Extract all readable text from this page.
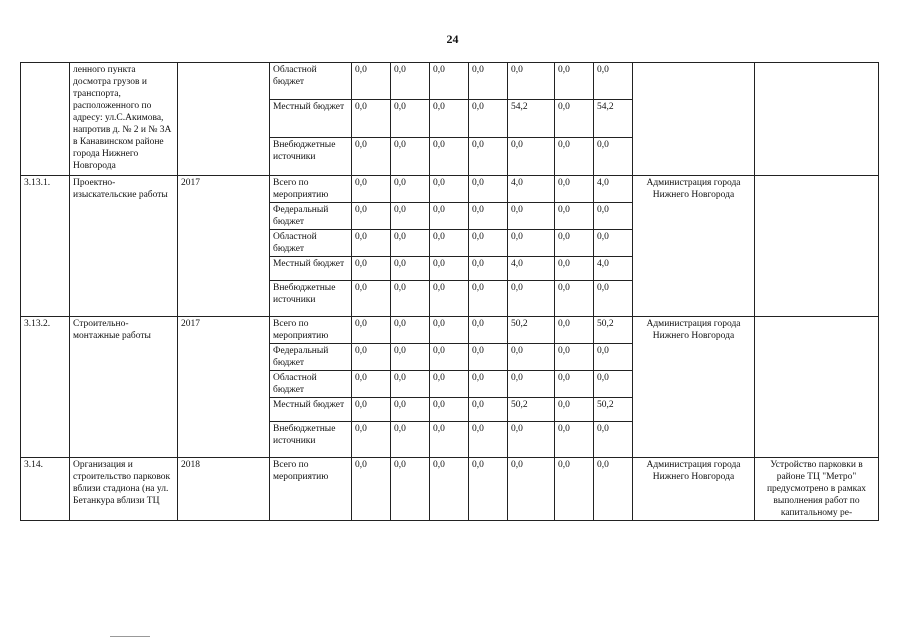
24
	ленного пункта досмотра грузов и транспорта, расположенного по адресу: ул.С.Акимова, напротив д. № 2 и № 3А в Канавинском районе города Нижнего Новгорода		Областной бюджет	0,0	0,0	0,0	0,0	0,0	0,0	0,0		
			Местный бюджет	0,0	0,0	0,0	0,0	54,2	0,0	54,2		
			Внебюджетные источники	0,0	0,0	0,0	0,0	0,0	0,0	0,0		
3.13.1.	Проектно-изыскательские работы	2017	Всего по мероприятию	0,0	0,0	0,0	0,0	4,0	0,0	4,0	Администрация города Нижнего Новгорода	
			Федеральный бюджет	0,0	0,0	0,0	0,0	0,0	0,0	0,0		
			Областной бюджет	0,0	0,0	0,0	0,0	0,0	0,0	0,0		
			Местный бюджет	0,0	0,0	0,0	0,0	4,0	0,0	4,0		
			Внебюджетные источники	0,0	0,0	0,0	0,0	0,0	0,0	0,0		
3.13.2.	Строительно-монтажные работы	2017	Всего по мероприятию	0,0	0,0	0,0	0,0	50,2	0,0	50,2	Администрация города Нижнего Новгорода	
			Федеральный бюджет	0,0	0,0	0,0	0,0	0,0	0,0	0,0		
			Областной бюджет	0,0	0,0	0,0	0,0	0,0	0,0	0,0		
			Местный бюджет	0,0	0,0	0,0	0,0	50,2	0,0	50,2		
			Внебюджетные источники	0,0	0,0	0,0	0,0	0,0	0,0	0,0		
3.14.	Организация и строительство парковок вблизи стадиона (на ул. Бетанкура вблизи ТЦ	2018	Всего по мероприятию	0,0	0,0	0,0	0,0	0,0	0,0	0,0	Администрация города Нижнего Новгорода	Устройство парковки в районе ТЦ "Метро" предусмотрено в рамках выполнения работ по капитальному ре-
